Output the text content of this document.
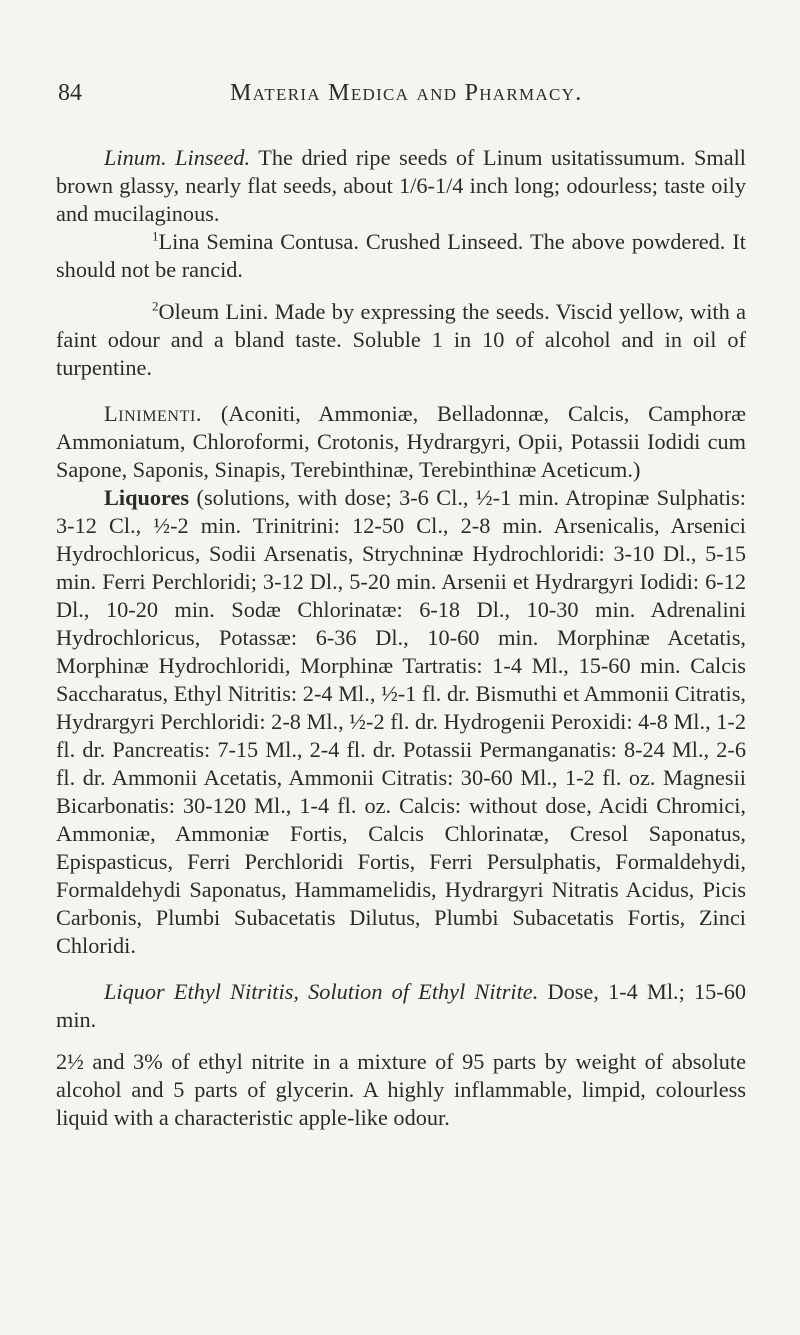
84	Materia Medica and Pharmacy.

Linum. Linseed. The dried ripe seeds of Linum usitatissumum. Small brown glassy, nearly flat seeds, about 1/6-1/4 inch long; odourless; taste oily and mucilaginous.

$^1$Lina Semina Contusa. Crushed Linseed. The above powdered. It should not be rancid.

$^2$Oleum Lini. Made by expressing the seeds. Viscid yellow, with a faint odour and a bland taste. Soluble 1 in 10 of alcohol and in oil of turpentine.

Linimenti. (Aconiti, Ammoniæ, Belladonnæ, Calcis, Camphoræ Ammoniatum, Chloroformi, Crotonis, Hydrargyri, Opii, Potassii Iodidi cum Sapone, Saponis, Sinapis, Terebinthinæ, Terebinthinæ Aceticum.)

Liquores (solutions, with dose; 3-6 Cl., ½-1 min. Atropinæ Sulphatis: 3-12 Cl., ½-2 min. Trinitrini: 12-50 Cl., 2-8 min. Arsenicalis, Arsenici Hydrochloricus, Sodii Arsenatis, Strychninæ Hydrochloridi: 3-10 Dl., 5-15 min. Ferri Perchloridi; 3-12 Dl., 5-20 min. Arsenii et Hydrargyri Iodidi: 6-12 Dl., 10-20 min. Sodæ Chlorinatæ: 6-18 Dl., 10-30 min. Adrenalini Hydrochloricus, Potassæ: 6-36 Dl., 10-60 min. Morphinæ Acetatis, Morphinæ Hydrochloridi, Morphinæ Tartratis: 1-4 Ml., 15-60 min. Calcis Saccharatus, Ethyl Nitritis: 2-4 Ml., ½-1 fl. dr. Bismuthi et Ammonii Citratis, Hydrargyri Perchloridi: 2-8 Ml., ½-2 fl. dr. Hydrogenii Peroxidi: 4-8 Ml., 1-2 fl. dr. Pancreatis: 7-15 Ml., 2-4 fl. dr. Potassii Permanganatis: 8-24 Ml., 2-6 fl. dr. Ammonii Acetatis, Ammonii Citratis: 30-60 Ml., 1-2 fl. oz. Magnesii Bicarbonatis: 30-120 Ml., 1-4 fl. oz. Calcis: without dose, Acidi Chromici, Ammoniæ, Ammoniæ Fortis, Calcis Chlorinatæ, Cresol Saponatus, Epispasticus, Ferri Perchloridi Fortis, Ferri Persulphatis, Formaldehydi, Formaldehydi Saponatus, Hammamelidis, Hydrargyri Nitratis Acidus, Picis Carbonis, Plumbi Subacetatis Dilutus, Plumbi Subacetatis Fortis, Zinci Chloridi.

Liquor Ethyl Nitritis, Solution of Ethyl Nitrite. Dose, 1-4 Ml.; 15-60 min.

2½ and 3% of ethyl nitrite in a mixture of 95 parts by weight of absolute alcohol and 5 parts of glycerin. A highly inflammable, limpid, colourless liquid with a characteristic apple-like odour.
